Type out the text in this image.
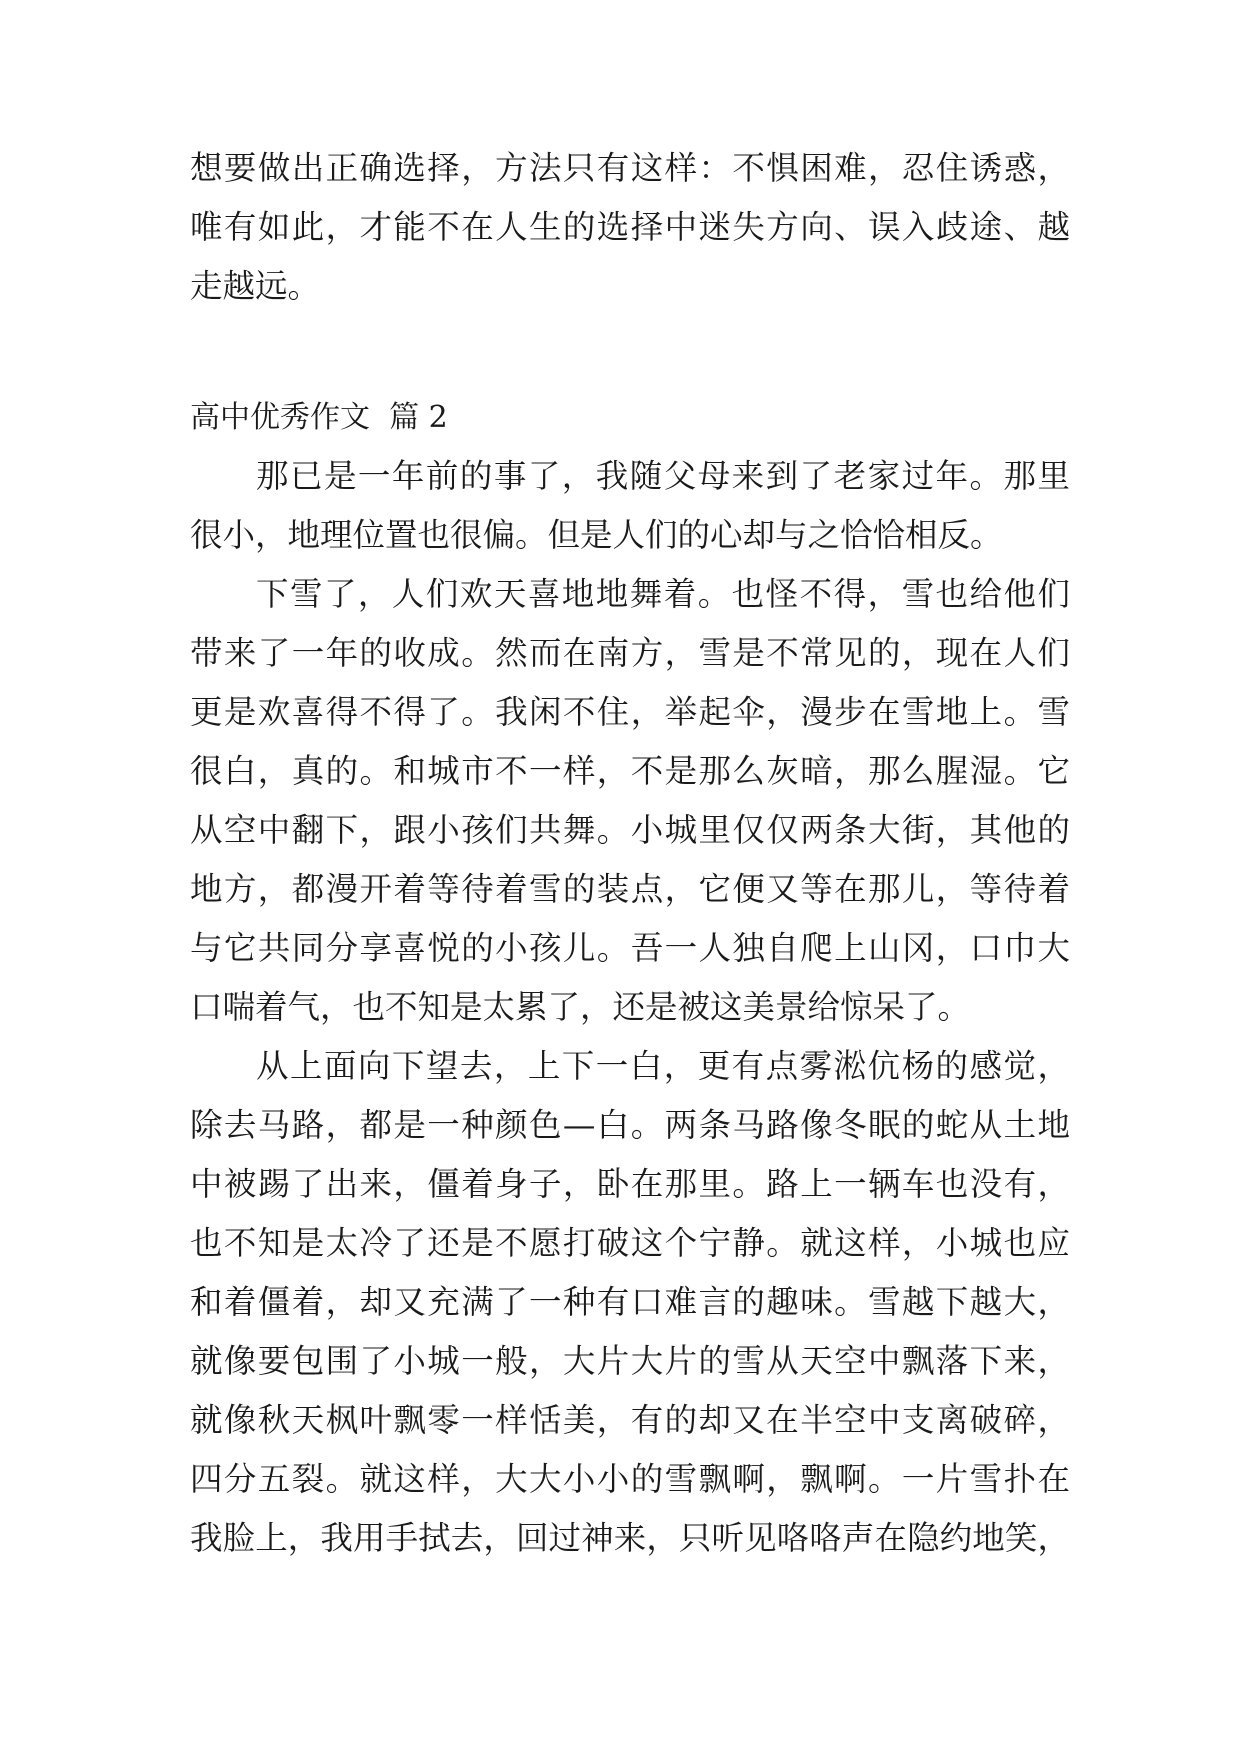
想要做出正确选择，方法只有这样：不惧困难，忍住诱惑，
唯有如此，才能不在人生的选择中迷失方向、误入歧途、越
走越远。
高中优秀作文  篇 2
那已是一年前的事了，我随父母来到了老家过年。那里
很小，地理位置也很偏。但是人们的心却与之恰恰相反。
下雪了，人们欢天喜地地舞着。也怪不得，雪也给他们
带来了一年的收成。然而在南方，雪是不常见的，现在人们
更是欢喜得不得了。我闲不住，举起伞，漫步在雪地上。雪
很白，真的。和城市不一样，不是那么灰暗，那么腥湿。它
从空中翻下，跟小孩们共舞。小城里仅仅两条大街，其他的
地方，都漫开着等待着雪的装点，它便又等在那儿，等待着
与它共同分享喜悦的小孩儿。吾一人独自爬上山冈，口巾大
口喘着气，也不知是太累了，还是被这美景给惊呆了。
从上面向下望去，上下一白，更有点雾淞伉杨的感觉，
除去马路，都是一种颜色—白。两条马路像冬眠的蛇从土地
中被踢了出来，僵着身子，卧在那里。路上一辆车也没有，
也不知是太冷了还是不愿打破这个宁静。就这样，小城也应
和着僵着，却又充满了一种有口难言的趣味。雪越下越大，
就像要包围了小城一般，大片大片的雪从天空中飘落下来，
就像秋天枫叶飘零一样恬美，有的却又在半空中支离破碎，
四分五裂。就这样，大大小小的雪飘啊，飘啊。一片雪扑在
我脸上，我用手拭去，回过神来，只听见咯咯声在隐约地笑，
